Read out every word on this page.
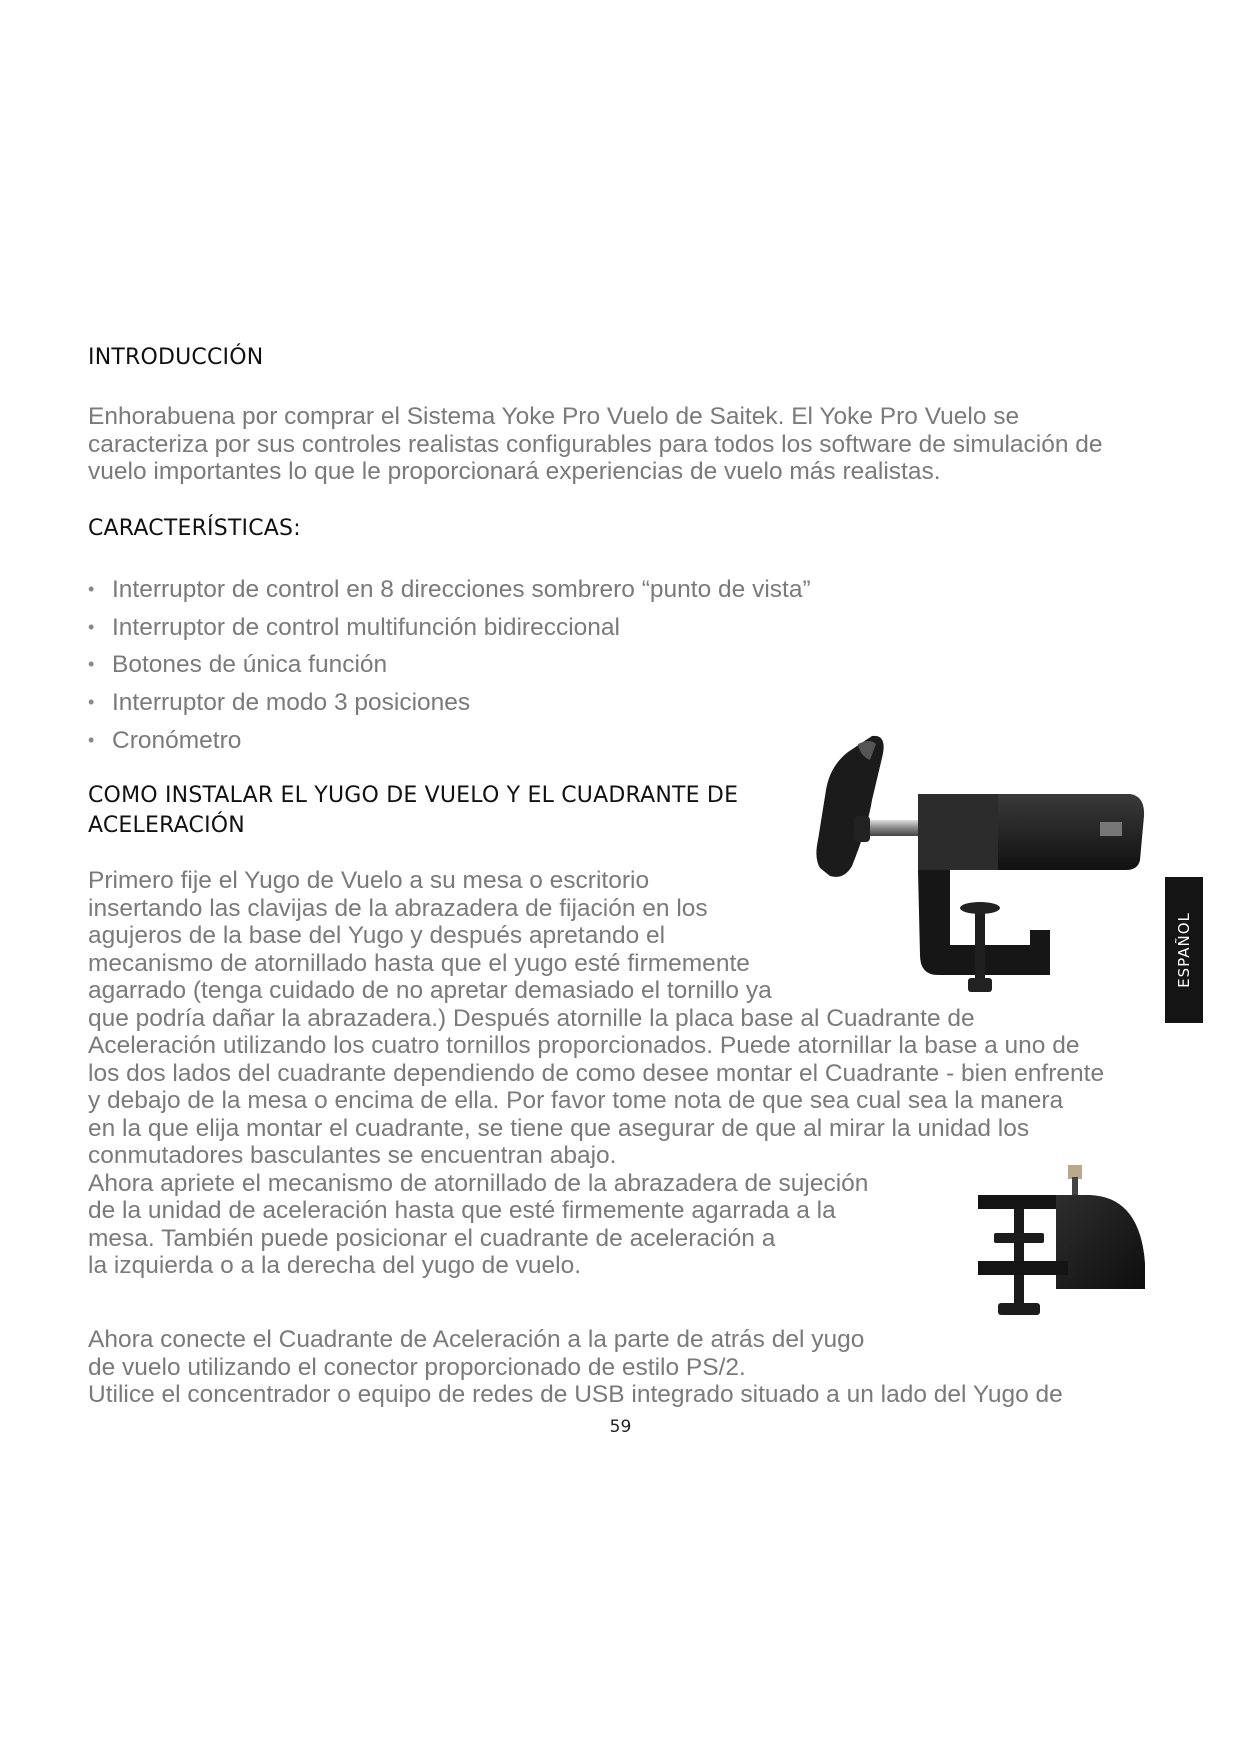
INTRODUCCIÓN
Enhorabuena por comprar el Sistema Yoke Pro Vuelo de Saitek. El Yoke Pro Vuelo se
caracteriza por sus controles realistas configurables para todos los software de simulación de
vuelo importantes lo que le proporcionará experiencias de vuelo más realistas.
CARACTERÍSTICAS:
• Interruptor de control en 8 direcciones sombrero “punto de vista”
• Interruptor de control multifunción bidireccional
• Botones de única función
• Interruptor de modo 3 posiciones
• Cronómetro
COMO INSTALAR EL YUGO DE VUELO Y EL CUADRANTE DE
ACELERACIÓN
Primero fije el Yugo de Vuelo a su mesa o escritorio
insertando las clavijas de la abrazadera de fijación en los
agujeros de la base del Yugo y después apretando el
mecanismo de atornillado hasta que el yugo esté firmemente
agarrado (tenga cuidado de no apretar demasiado el tornillo ya
que podría dañar la abrazadera.) Después atornille la placa base al Cuadrante de
Aceleración utilizando los cuatro tornillos proporcionados. Puede atornillar la base a uno de
los dos lados del cuadrante dependiendo de como desee montar el Cuadrante - bien enfrente
y debajo de la mesa o encima de ella. Por favor tome nota de que sea cual sea la manera
en la que elija montar el cuadrante, se tiene que asegurar de que al mirar la unidad los
conmutadores basculantes se encuentran abajo.
Ahora apriete el mecanismo de atornillado de la abrazadera de sujeción
de la unidad de aceleración hasta que esté firmemente agarrada a la
mesa. También puede posicionar el cuadrante de aceleración a
la izquierda o a la derecha del yugo de vuelo.
Ahora conecte el Cuadrante de Aceleración a la parte de atrás del yugo
de vuelo utilizando el conector proporcionado de estilo PS/2.
Utilice el concentrador o equipo de redes de USB integrado situado a un lado del Yugo de
ESPAÑOL
59
